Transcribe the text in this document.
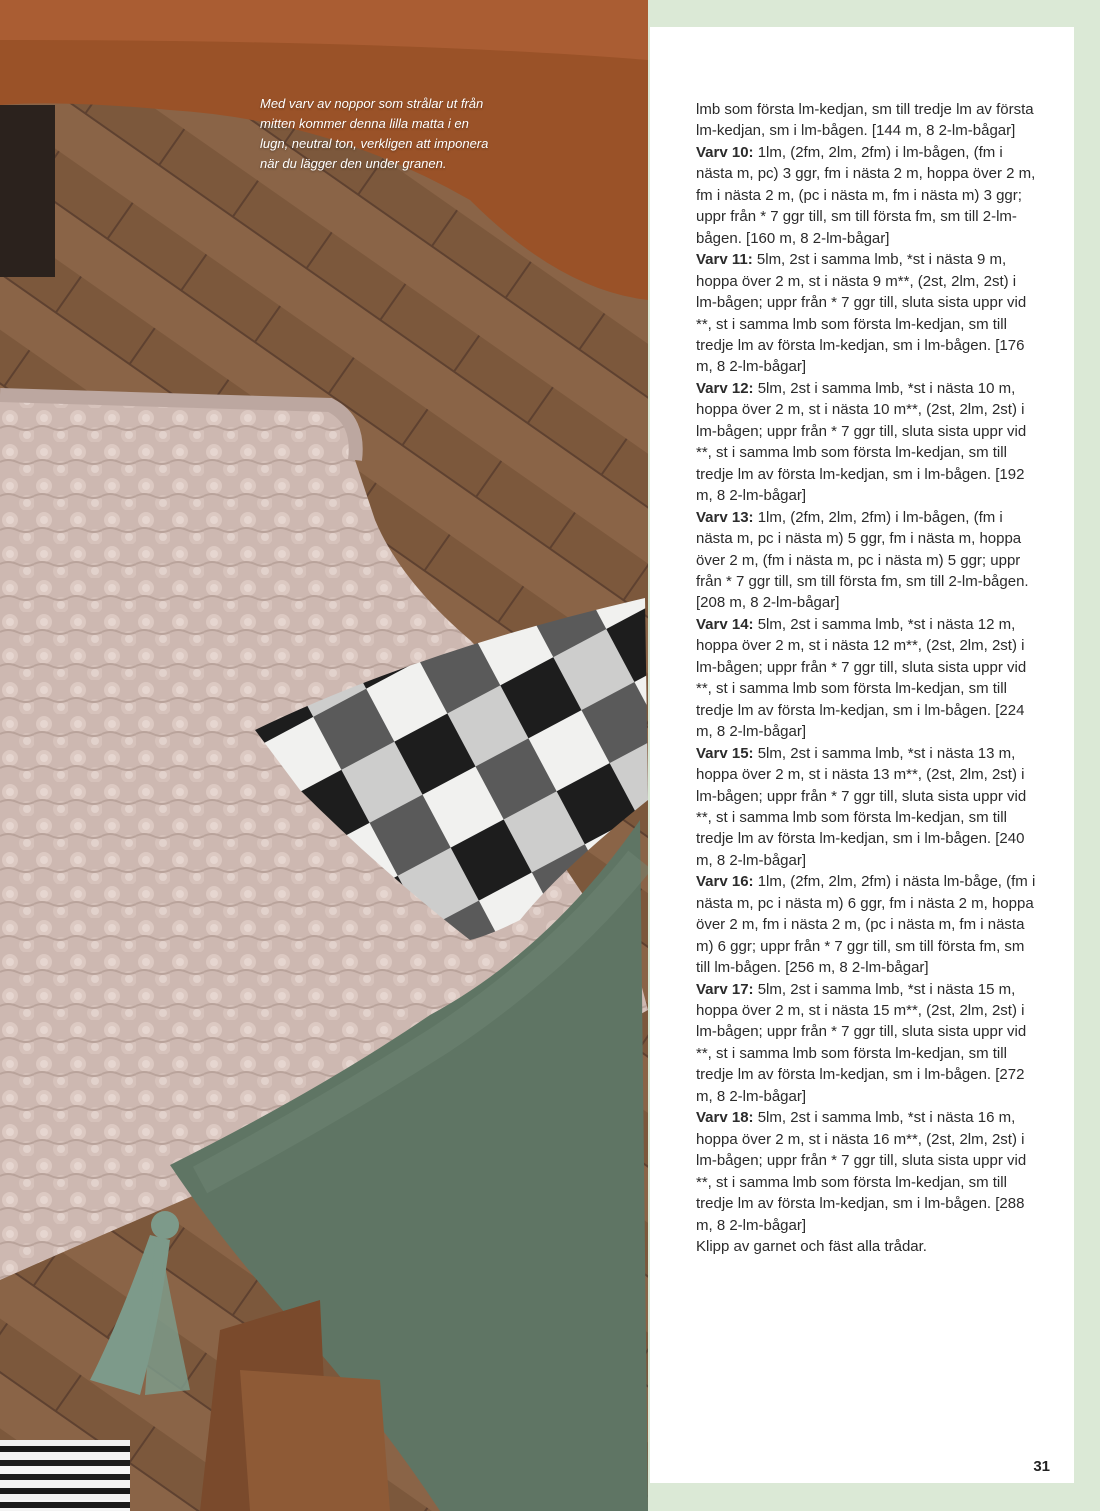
Med varv av noppor som strålar ut från
mitten kommer denna lilla matta i en
lugn, neutral ton, verkligen att imponera
när du lägger den under granen.

lmb som första lm-kedjan, sm till tredje lm av första lm-kedjan, sm i lm-bågen. [144 m, 8 2-lm-bågar]

Varv 10: 1lm, (2fm, 2lm, 2fm) i lm-bågen, (fm i nästa m, pc) 3 ggr, fm i nästa 2 m, hoppa över 2 m, fm i nästa 2 m, (pc i nästa m, fm i nästa m) 3 ggr; uppr från * 7 ggr till, sm till första fm, sm till 2-lm-bågen. [160 m, 8 2-lm-bågar]

Varv 11: 5lm, 2st i samma lmb, *st i nästa 9 m, hoppa över 2 m, st i nästa 9 m**, (2st, 2lm, 2st) i lm-bågen; uppr från * 7 ggr till, sluta sista uppr vid **, st i samma lmb som första lm-kedjan, sm till tredje lm av första lm-kedjan, sm i lm-bågen. [176 m, 8 2-lm-bågar]

Varv 12: 5lm, 2st i samma lmb, *st i nästa 10 m, hoppa över 2 m, st i nästa 10 m**, (2st, 2lm, 2st) i lm-bågen; uppr från * 7 ggr till, sluta sista uppr vid **, st i samma lmb som första lm-kedjan, sm till tredje lm av första lm-kedjan, sm i lm-bågen. [192 m, 8 2-lm-bågar]

Varv 13: 1lm, (2fm, 2lm, 2fm) i lm-bågen, (fm i nästa m, pc i nästa m) 5 ggr, fm i nästa m, hoppa över 2 m, (fm i nästa m, pc i nästa m) 5 ggr; uppr från * 7 ggr till, sm till första fm, sm till 2-lm-bågen. [208 m, 8 2-lm-bågar]

Varv 14: 5lm, 2st i samma lmb, *st i nästa 12 m, hoppa över 2 m, st i nästa 12 m**, (2st, 2lm, 2st) i lm-bågen; uppr från * 7 ggr till, sluta sista uppr vid **, st i samma lmb som första lm-kedjan, sm till tredje lm av första lm-kedjan, sm i lm-bågen. [224 m, 8 2-lm-bågar]

Varv 15: 5lm, 2st i samma lmb, *st i nästa 13 m, hoppa över 2 m, st i nästa 13 m**, (2st, 2lm, 2st) i lm-bågen; uppr från * 7 ggr till, sluta sista uppr vid **, st i samma lmb som första lm-kedjan, sm till tredje lm av första lm-kedjan, sm i lm-bågen. [240 m, 8 2-lm-bågar]

Varv 16: 1lm, (2fm, 2lm, 2fm) i nästa lm-båge, (fm i nästa m, pc i nästa m) 6 ggr, fm i nästa 2 m, hoppa över 2 m, fm i nästa 2 m, (pc i nästa m, fm i nästa m) 6 ggr; uppr från * 7 ggr till, sm till första fm, sm till lm-bågen. [256 m, 8 2-lm-bågar]

Varv 17: 5lm, 2st i samma lmb, *st i nästa 15 m, hoppa över 2 m, st i nästa 15 m**, (2st, 2lm, 2st) i lm-bågen; uppr från * 7 ggr till, sluta sista uppr vid **, st i samma lmb som första lm-kedjan, sm till tredje lm av första lm-kedjan, sm i lm-bågen. [272 m, 8 2-lm-bågar]

Varv 18: 5lm, 2st i samma lmb, *st i nästa 16 m, hoppa över 2 m, st i nästa 16 m**, (2st, 2lm, 2st) i lm-bågen; uppr från * 7 ggr till, sluta sista uppr vid **, st i samma lmb som första lm-kedjan, sm till tredje lm av första lm-kedjan, sm i lm-bågen. [288 m, 8 2-lm-bågar]

Klipp av garnet och fäst alla trådar.

31
